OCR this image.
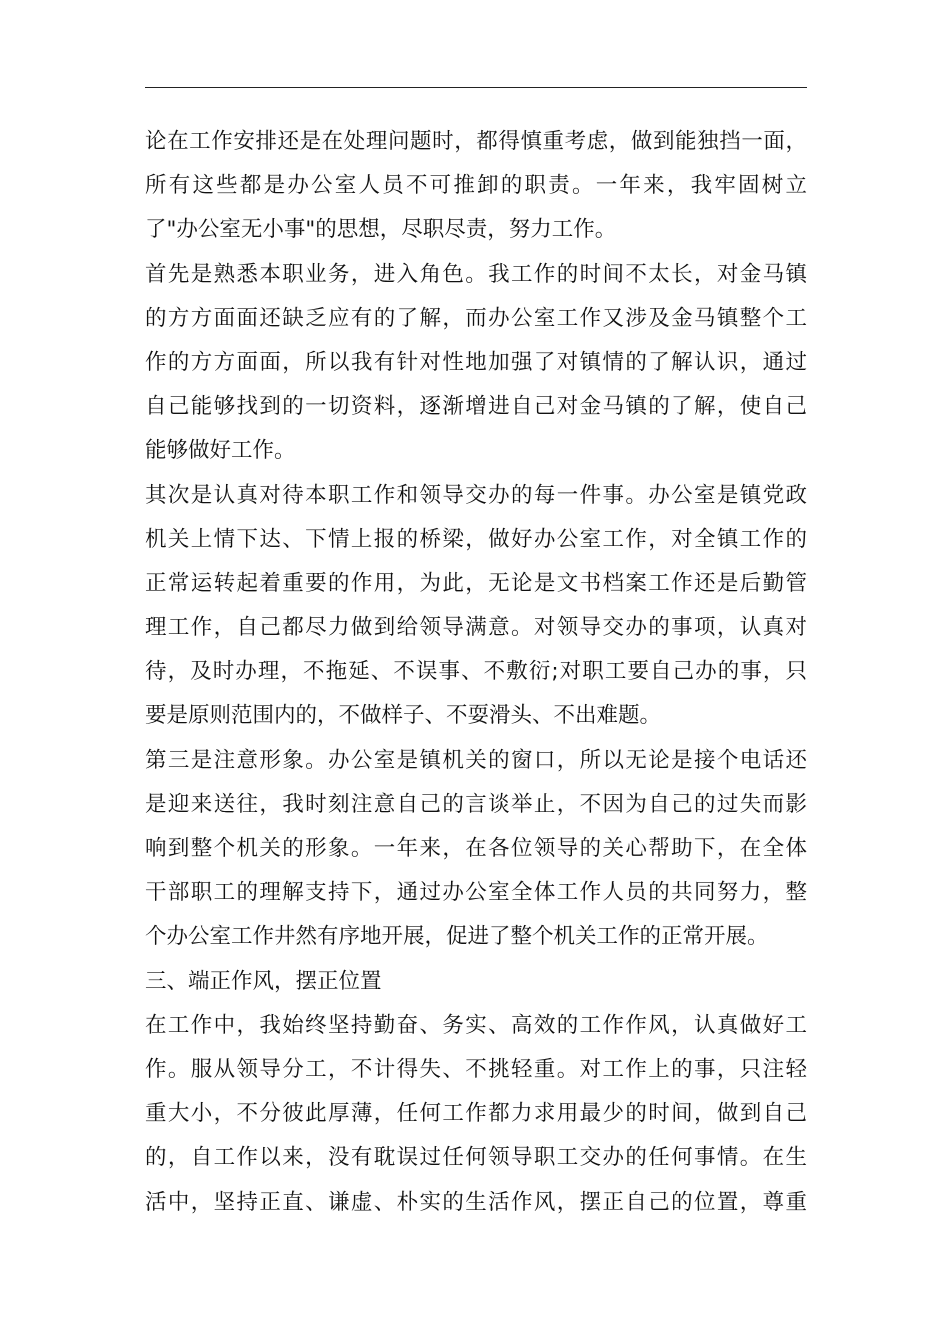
论在工作安排还是在处理问题时，都得慎重考虑，做到能独挡一面，
所有这些都是办公室人员不可推卸的职责。一年来，我牢固树立
了"办公室无小事"的思想，尽职尽责，努力工作。
首先是熟悉本职业务，进入角色。我工作的时间不太长，对金马镇
的方方面面还缺乏应有的了解，而办公室工作又涉及金马镇整个工
作的方方面面，所以我有针对性地加强了对镇情的了解认识，通过
自己能够找到的一切资料，逐渐增进自己对金马镇的了解，使自己
能够做好工作。
其次是认真对待本职工作和领导交办的每一件事。办公室是镇党政
机关上情下达、下情上报的桥梁，做好办公室工作，对全镇工作的
正常运转起着重要的作用，为此，无论是文书档案工作还是后勤管
理工作，自己都尽力做到给领导满意。对领导交办的事项，认真对
待，及时办理，不拖延、不误事、不敷衍;对职工要自己办的事，只
要是原则范围内的，不做样子、不耍滑头、不出难题。
第三是注意形象。办公室是镇机关的窗口，所以无论是接个电话还
是迎来送往，我时刻注意自己的言谈举止，不因为自己的过失而影
响到整个机关的形象。一年来，在各位领导的关心帮助下，在全体
干部职工的理解支持下，通过办公室全体工作人员的共同努力，整
个办公室工作井然有序地开展，促进了整个机关工作的正常开展。
三、端正作风，摆正位置
在工作中，我始终坚持勤奋、务实、高效的工作作风，认真做好工
作。服从领导分工，不计得失、不挑轻重。对工作上的事，只注轻
重大小，不分彼此厚薄，任何工作都力求用最少的时间，做到自己
的，自工作以来，没有耽误过任何领导职工交办的任何事情。在生
活中，坚持正直、谦虚、朴实的生活作风，摆正自己的位置，尊重
